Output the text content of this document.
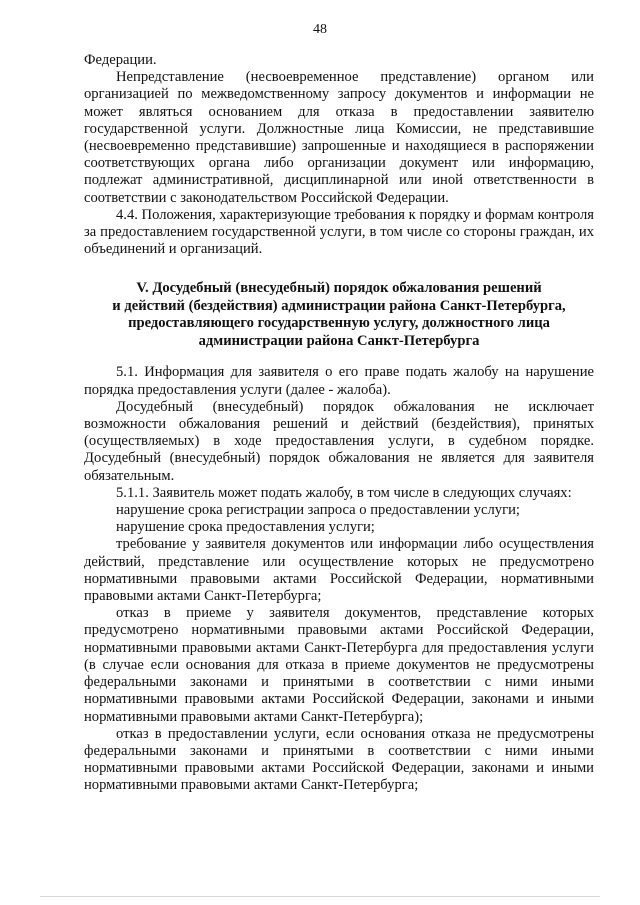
48

Федерации.

Непредставление (несвоевременное представление) органом или организацией по межведомственному запросу документов и информации не может являться основанием для отказа в предоставлении заявителю государственной услуги. Должностные лица Комиссии, не представившие (несвоевременно представившие) запрошенные и находящиеся в распоряжении соответствующих органа либо организации документ или информацию, подлежат административной, дисциплинарной или иной ответственности в соответствии с законодательством Российской Федерации.

4.4. Положения, характеризующие требования к порядку и формам контроля за предоставлением государственной услуги, в том числе со стороны граждан, их объединений и организаций.

V. Досудебный (внесудебный) порядок обжалования решений
и действий (бездействия) администрации района Санкт-Петербурга,
предоставляющего государственную услугу, должностного лица
администрации района Санкт-Петербурга

5.1. Информация для заявителя о его праве подать жалобу на нарушение порядка предоставления услуги (далее - жалоба).

Досудебный (внесудебный) порядок обжалования не исключает возможности обжалования решений и действий (бездействия), принятых (осуществляемых) в ходе предоставления услуги, в судебном порядке. Досудебный (внесудебный) порядок обжалования не является для заявителя обязательным.

5.1.1. Заявитель может подать жалобу, в том числе в следующих случаях:

нарушение срока регистрации запроса о предоставлении услуги;

нарушение срока предоставления услуги;

требование у заявителя документов или информации либо осуществления действий, представление или осуществление которых не предусмотрено нормативными правовыми актами Российской Федерации, нормативными правовыми актами Санкт-Петербурга;

отказ в приеме у заявителя документов, представление которых предусмотрено нормативными правовыми актами Российской Федерации, нормативными правовыми актами Санкт-Петербурга для предоставления услуги (в случае если основания для отказа в приеме документов не предусмотрены федеральными законами и принятыми в соответствии с ними иными нормативными правовыми актами Российской Федерации, законами и иными нормативными правовыми актами Санкт-Петербурга);

отказ в предоставлении услуги, если основания отказа не предусмотрены федеральными законами и принятыми в соответствии с ними иными нормативными правовыми актами Российской Федерации, законами и иными нормативными правовыми актами Санкт-Петербурга;
